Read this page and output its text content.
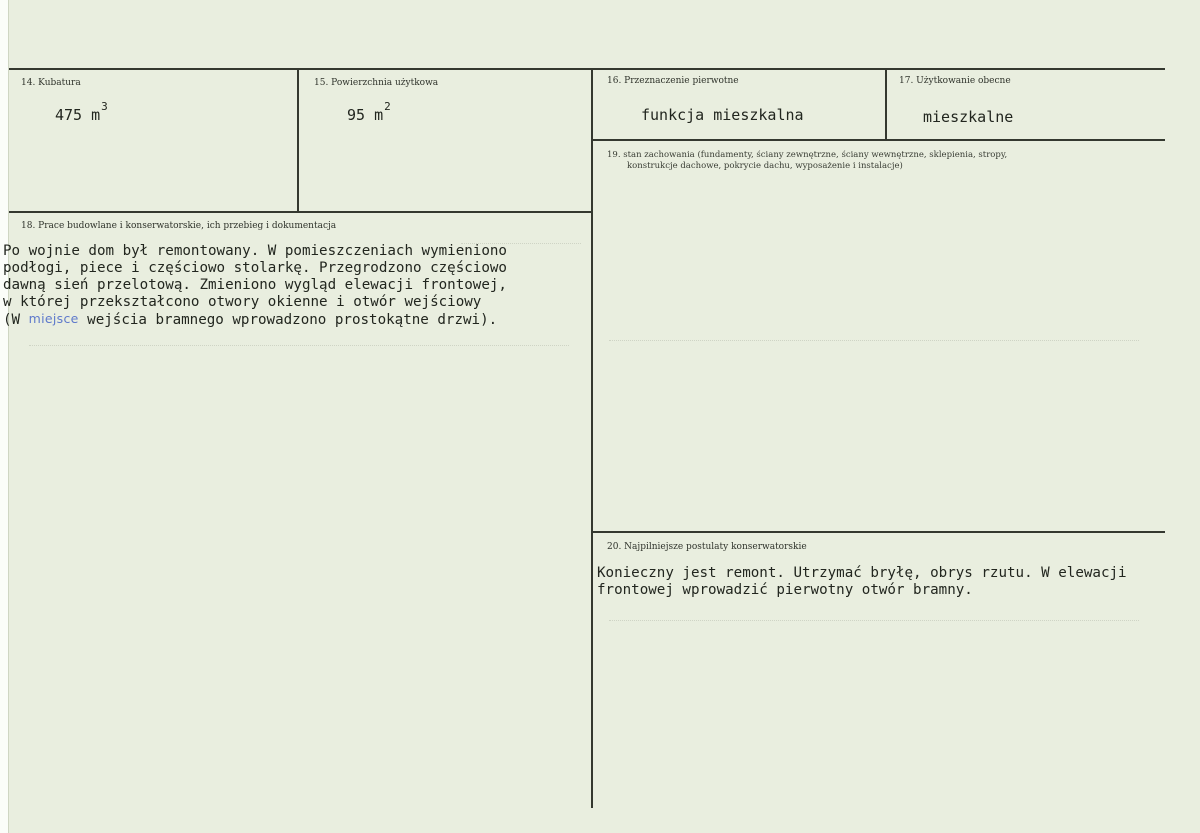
14. Kubatura
475 $m^3$
15. Powierzchnia użytkowa
95 $m^2$
16. Przeznaczenie pierwotne
funkcja mieszkalna
17. Użytkowanie obecne
mieszkalne
18. Prace budowlane i konserwatorskie, ich przebieg i dokumentacja
Po wojnie dom był remontowany. W pomieszczeniach wymieniono
podłogi, piece i częściowo stolarkę. Przegrodzono częściowo
dawną sień przelotową. Zmieniono wygląd elewacji frontowej,
w której przekształcono otwory okienne i otwór wejściowy
(W miejsce wejścia bramnego wprowadzono prostokątne drzwi).
19. stan zachowania (fundamenty, ściany zewnętrzne, ściany wewnętrzne, sklepienia, stropy,
konstrukcje dachowe, pokrycie dachu, wyposażenie i instalacje)
20. Najpilniejsze postulaty konserwatorskie
Konieczny jest remont. Utrzymać bryłę, obrys rzutu. W elewacji
frontowej wprowadzić pierwotny otwór bramny.
